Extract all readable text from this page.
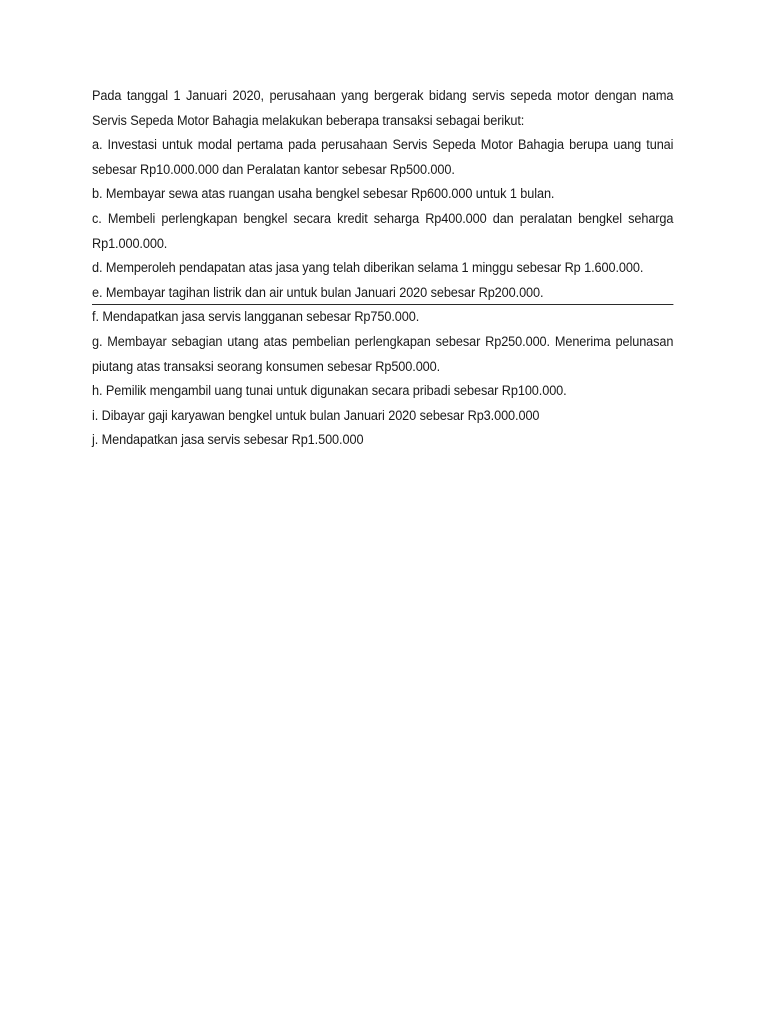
Pada tanggal 1 Januari 2020, perusahaan yang bergerak bidang servis sepeda motor dengan nama Servis Sepeda Motor Bahagia melakukan beberapa transaksi sebagai berikut:

a. Investasi untuk modal pertama pada perusahaan Servis Sepeda Motor Bahagia berupa uang tunai sebesar Rp10.000.000 dan Peralatan kantor sebesar Rp500.000.

b. Membayar sewa atas ruangan usaha bengkel sebesar Rp600.000 untuk 1 bulan.

c. Membeli perlengkapan bengkel secara kredit seharga Rp400.000 dan peralatan bengkel seharga Rp1.000.000.

d. Memperoleh pendapatan atas jasa yang telah diberikan selama 1 minggu sebesar Rp 1.600.000.

e. Membayar tagihan listrik dan air untuk bulan Januari 2020 sebesar Rp200.000.

f. Mendapatkan jasa servis langganan sebesar Rp750.000.

g. Membayar sebagian utang atas pembelian perlengkapan sebesar Rp250.000. Menerima pelunasan piutang atas transaksi seorang konsumen sebesar Rp500.000.

h. Pemilik mengambil uang tunai untuk digunakan secara pribadi sebesar Rp100.000.

i. Dibayar gaji karyawan bengkel untuk bulan Januari 2020 sebesar Rp3.000.000

j. Mendapatkan jasa servis sebesar Rp1.500.000
